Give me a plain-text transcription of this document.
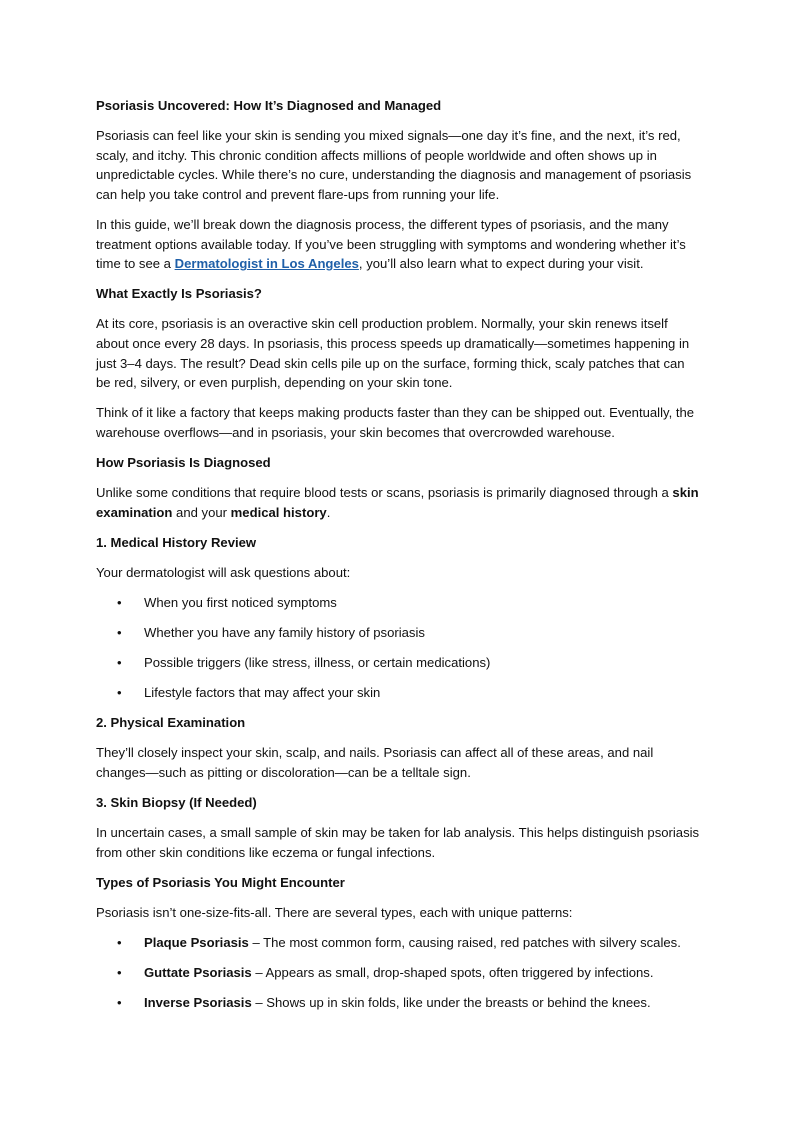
Psoriasis Uncovered: How It’s Diagnosed and Managed

Psoriasis can feel like your skin is sending you mixed signals—one day it’s fine, and the next, it’s red, scaly, and itchy. This chronic condition affects millions of people worldwide and often shows up in unpredictable cycles. While there’s no cure, understanding the diagnosis and management of psoriasis can help you take control and prevent flare-ups from running your life.

In this guide, we’ll break down the diagnosis process, the different types of psoriasis, and the many treatment options available today. If you’ve been struggling with symptoms and wondering whether it’s time to see a Dermatologist in Los Angeles, you’ll also learn what to expect during your visit.

What Exactly Is Psoriasis?

At its core, psoriasis is an overactive skin cell production problem. Normally, your skin renews itself about once every 28 days. In psoriasis, this process speeds up dramatically—sometimes happening in just 3–4 days. The result? Dead skin cells pile up on the surface, forming thick, scaly patches that can be red, silvery, or even purplish, depending on your skin tone.

Think of it like a factory that keeps making products faster than they can be shipped out. Eventually, the warehouse overflows—and in psoriasis, your skin becomes that overcrowded warehouse.

How Psoriasis Is Diagnosed

Unlike some conditions that require blood tests or scans, psoriasis is primarily diagnosed through a skin examination and your medical history.

1. Medical History Review

Your dermatologist will ask questions about:

• When you first noticed symptoms
• Whether you have any family history of psoriasis
• Possible triggers (like stress, illness, or certain medications)
• Lifestyle factors that may affect your skin

2. Physical Examination

They’ll closely inspect your skin, scalp, and nails. Psoriasis can affect all of these areas, and nail changes—such as pitting or discoloration—can be a telltale sign.

3. Skin Biopsy (If Needed)

In uncertain cases, a small sample of skin may be taken for lab analysis. This helps distinguish psoriasis from other skin conditions like eczema or fungal infections.

Types of Psoriasis You Might Encounter

Psoriasis isn’t one-size-fits-all. There are several types, each with unique patterns:

• Plaque Psoriasis – The most common form, causing raised, red patches with silvery scales.
• Guttate Psoriasis – Appears as small, drop-shaped spots, often triggered by infections.
• Inverse Psoriasis – Shows up in skin folds, like under the breasts or behind the knees.
